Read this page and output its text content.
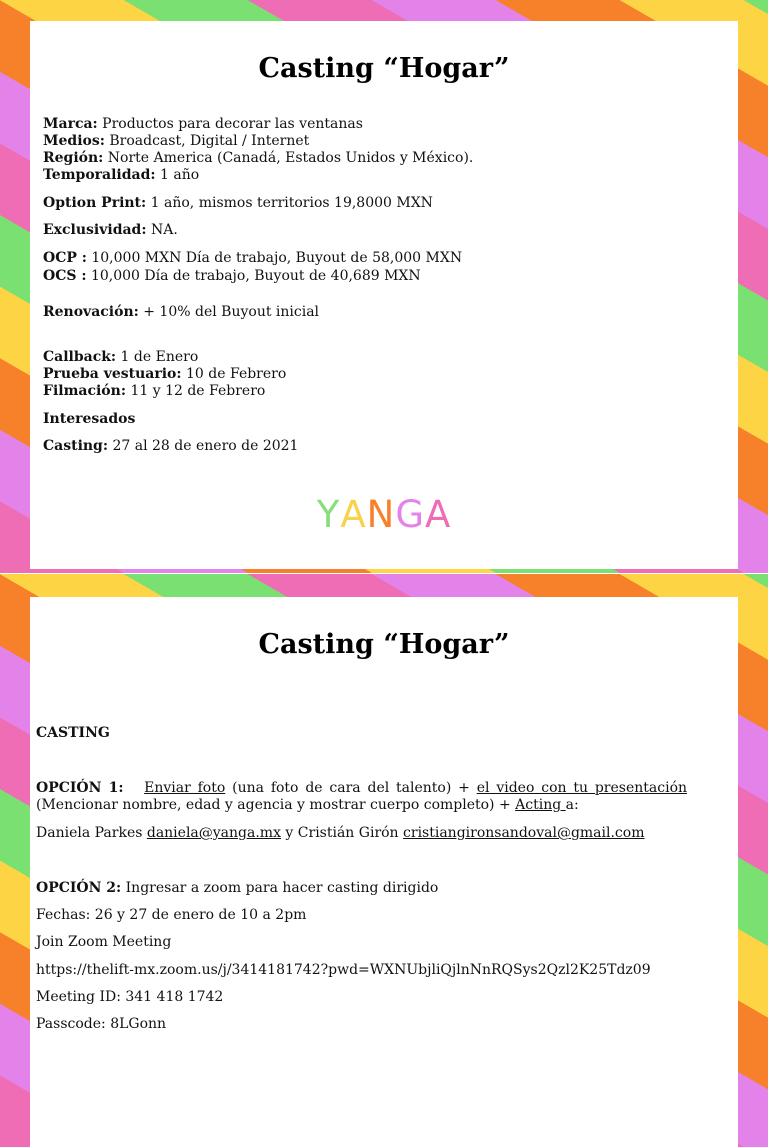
Casting “Hogar”
Marca: Productos para decorar las ventanas
Medios: Broadcast, Digital / Internet
Región: Norte America (Canadá, Estados Unidos y México).
Temporalidad: 1 año
Option Print: 1 año, mismos territorios 19,8000 MXN
Exclusividad: NA.
OCP : 10,000 MXN Día de trabajo, Buyout de 58,000 MXN
OCS : 10,000 Día de trabajo, Buyout de 40,689 MXN
Renovación: + 10% del Buyout inicial
Callback: 1 de Enero
Prueba vestuario: 10 de Febrero
Filmación: 11 y 12 de Febrero
Interesados
Casting: 27 al 28 de enero de 2021
YANGA
Casting “Hogar”
CASTING
OPCIÓN 1: Enviar foto (una foto de cara del talento) + el video con tu presentación (Mencionar nombre, edad y agencia y mostrar cuerpo completo) + Acting a:
Daniela Parkes daniela@yanga.mx y Cristián Girón cristiangironsandoval@gmail.com
OPCIÓN 2: Ingresar a zoom para hacer casting dirigido
Fechas: 26 y 27 de enero de 10 a 2pm
Join Zoom Meeting
https://thelift-mx.zoom.us/j/3414181742?pwd=WXNUbjliQjlnNnRQSys2Qzl2K25Tdz09
Meeting ID: 341 418 1742
Passcode: 8LGonn
